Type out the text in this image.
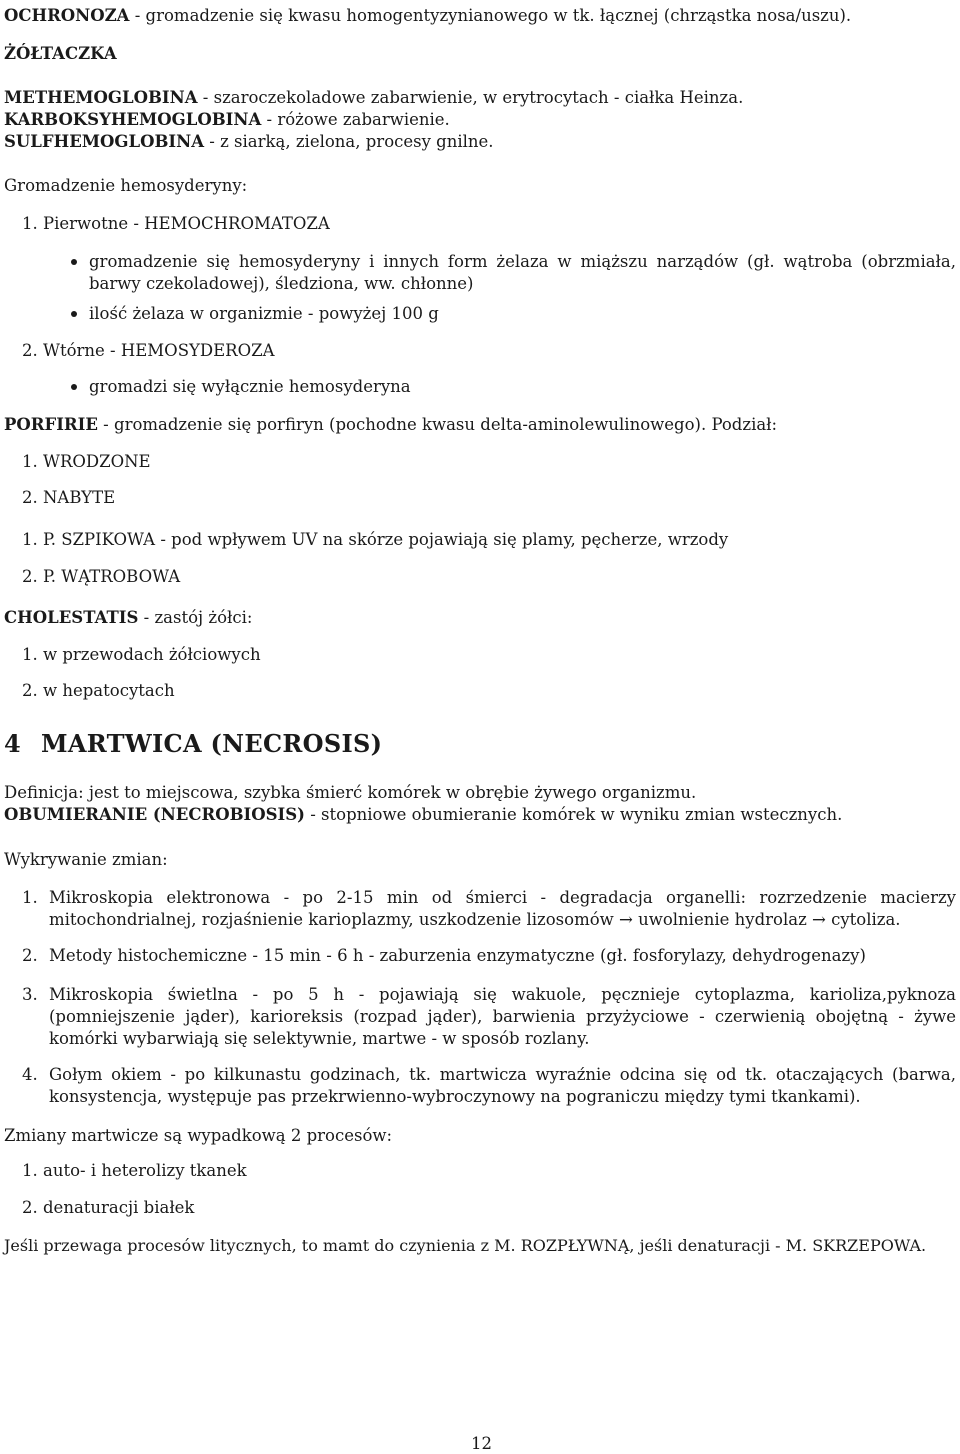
OCHRONOZA - gromadzenie się kwasu homogentyzynianowego w tk. łącznej (chrząstka nosa/uszu).

ŻÓŁTACZKA

METHEMOGLOBINA - szaroczekoladowe zabarwienie, w erytrocytach - ciałka Heinza.

KARBOKSYHEMOGLOBINA - różowe zabarwienie.

SULFHEMOGLOBINA - z siarką, zielona, procesy gnilne.

Gromadzenie hemosyderyny:

1. Pierwotne - HEMOCHROMATOZA

gromadzenie się hemosyderyny i innych form żelaza w miąższu narządów (gł. wątroba (obrzmiała, barwy czekoladowej), śledziona, ww. chłonne)

ilość żelaza w organizmie - powyżej 100 g

2. Wtórne - HEMOSYDEROZA

gromadzi się wyłącznie hemosyderyna

PORFIRIE - gromadzenie się porfiryn (pochodne kwasu delta-aminolewulinowego). Podział:

1. WRODZONE

2. NABYTE

1. P. SZPIKOWA - pod wpływem UV na skórze pojawiają się plamy, pęcherze, wrzody

2. P. WĄTROBOWA

CHOLESTATIS - zastój żółci:

1. w przewodach żółciowych

2. w hepatocytach

4 MARTWICA (NECROSIS)

Definicja: jest to miejscowa, szybka śmierć komórek w obrębie żywego organizmu.

OBUMIERANIE (NECROBIOSIS) - stopniowe obumieranie komórek w wyniku zmian wstecznych.

Wykrywanie zmian:

1. Mikroskopia elektronowa - po 2-15 min od śmierci - degradacja organelli: rozrzedzenie macierzy mitochondrialnej, rozjaśnienie karioplazmy, uszkodzenie lizosomów → uwolnienie hydrolaz → cytoliza.

2. Metody histochemiczne - 15 min - 6 h - zaburzenia enzymatyczne (gł. fosforylazy, dehydrogenazy)

3. Mikroskopia świetlna - po 5 h - pojawiają się wakuole, pęcznieje cytoplazma, karioliza,pyknoza (pomniejszenie jąder), karioreksis (rozpad jąder), barwienia przyżyciowe - czerwienią obojętną - żywe komórki wybarwiają się selektywnie, martwe - w sposób rozlany.

4. Gołym okiem - po kilkunastu godzinach, tk. martwicza wyraźnie odcina się od tk. otaczających (barwa, konsystencja, występuje pas przekrwienno-wybroczynowy na pograniczu między tymi tkankami).

Zmiany martwicze są wypadkową 2 procesów:

1. auto- i heterolizy tkanek

2. denaturacji białek

Jeśli przewaga procesów litycznych, to mamt do czynienia z M. ROZPŁYWNĄ, jeśli denaturacji - M. SKRZEPOWA.

12
